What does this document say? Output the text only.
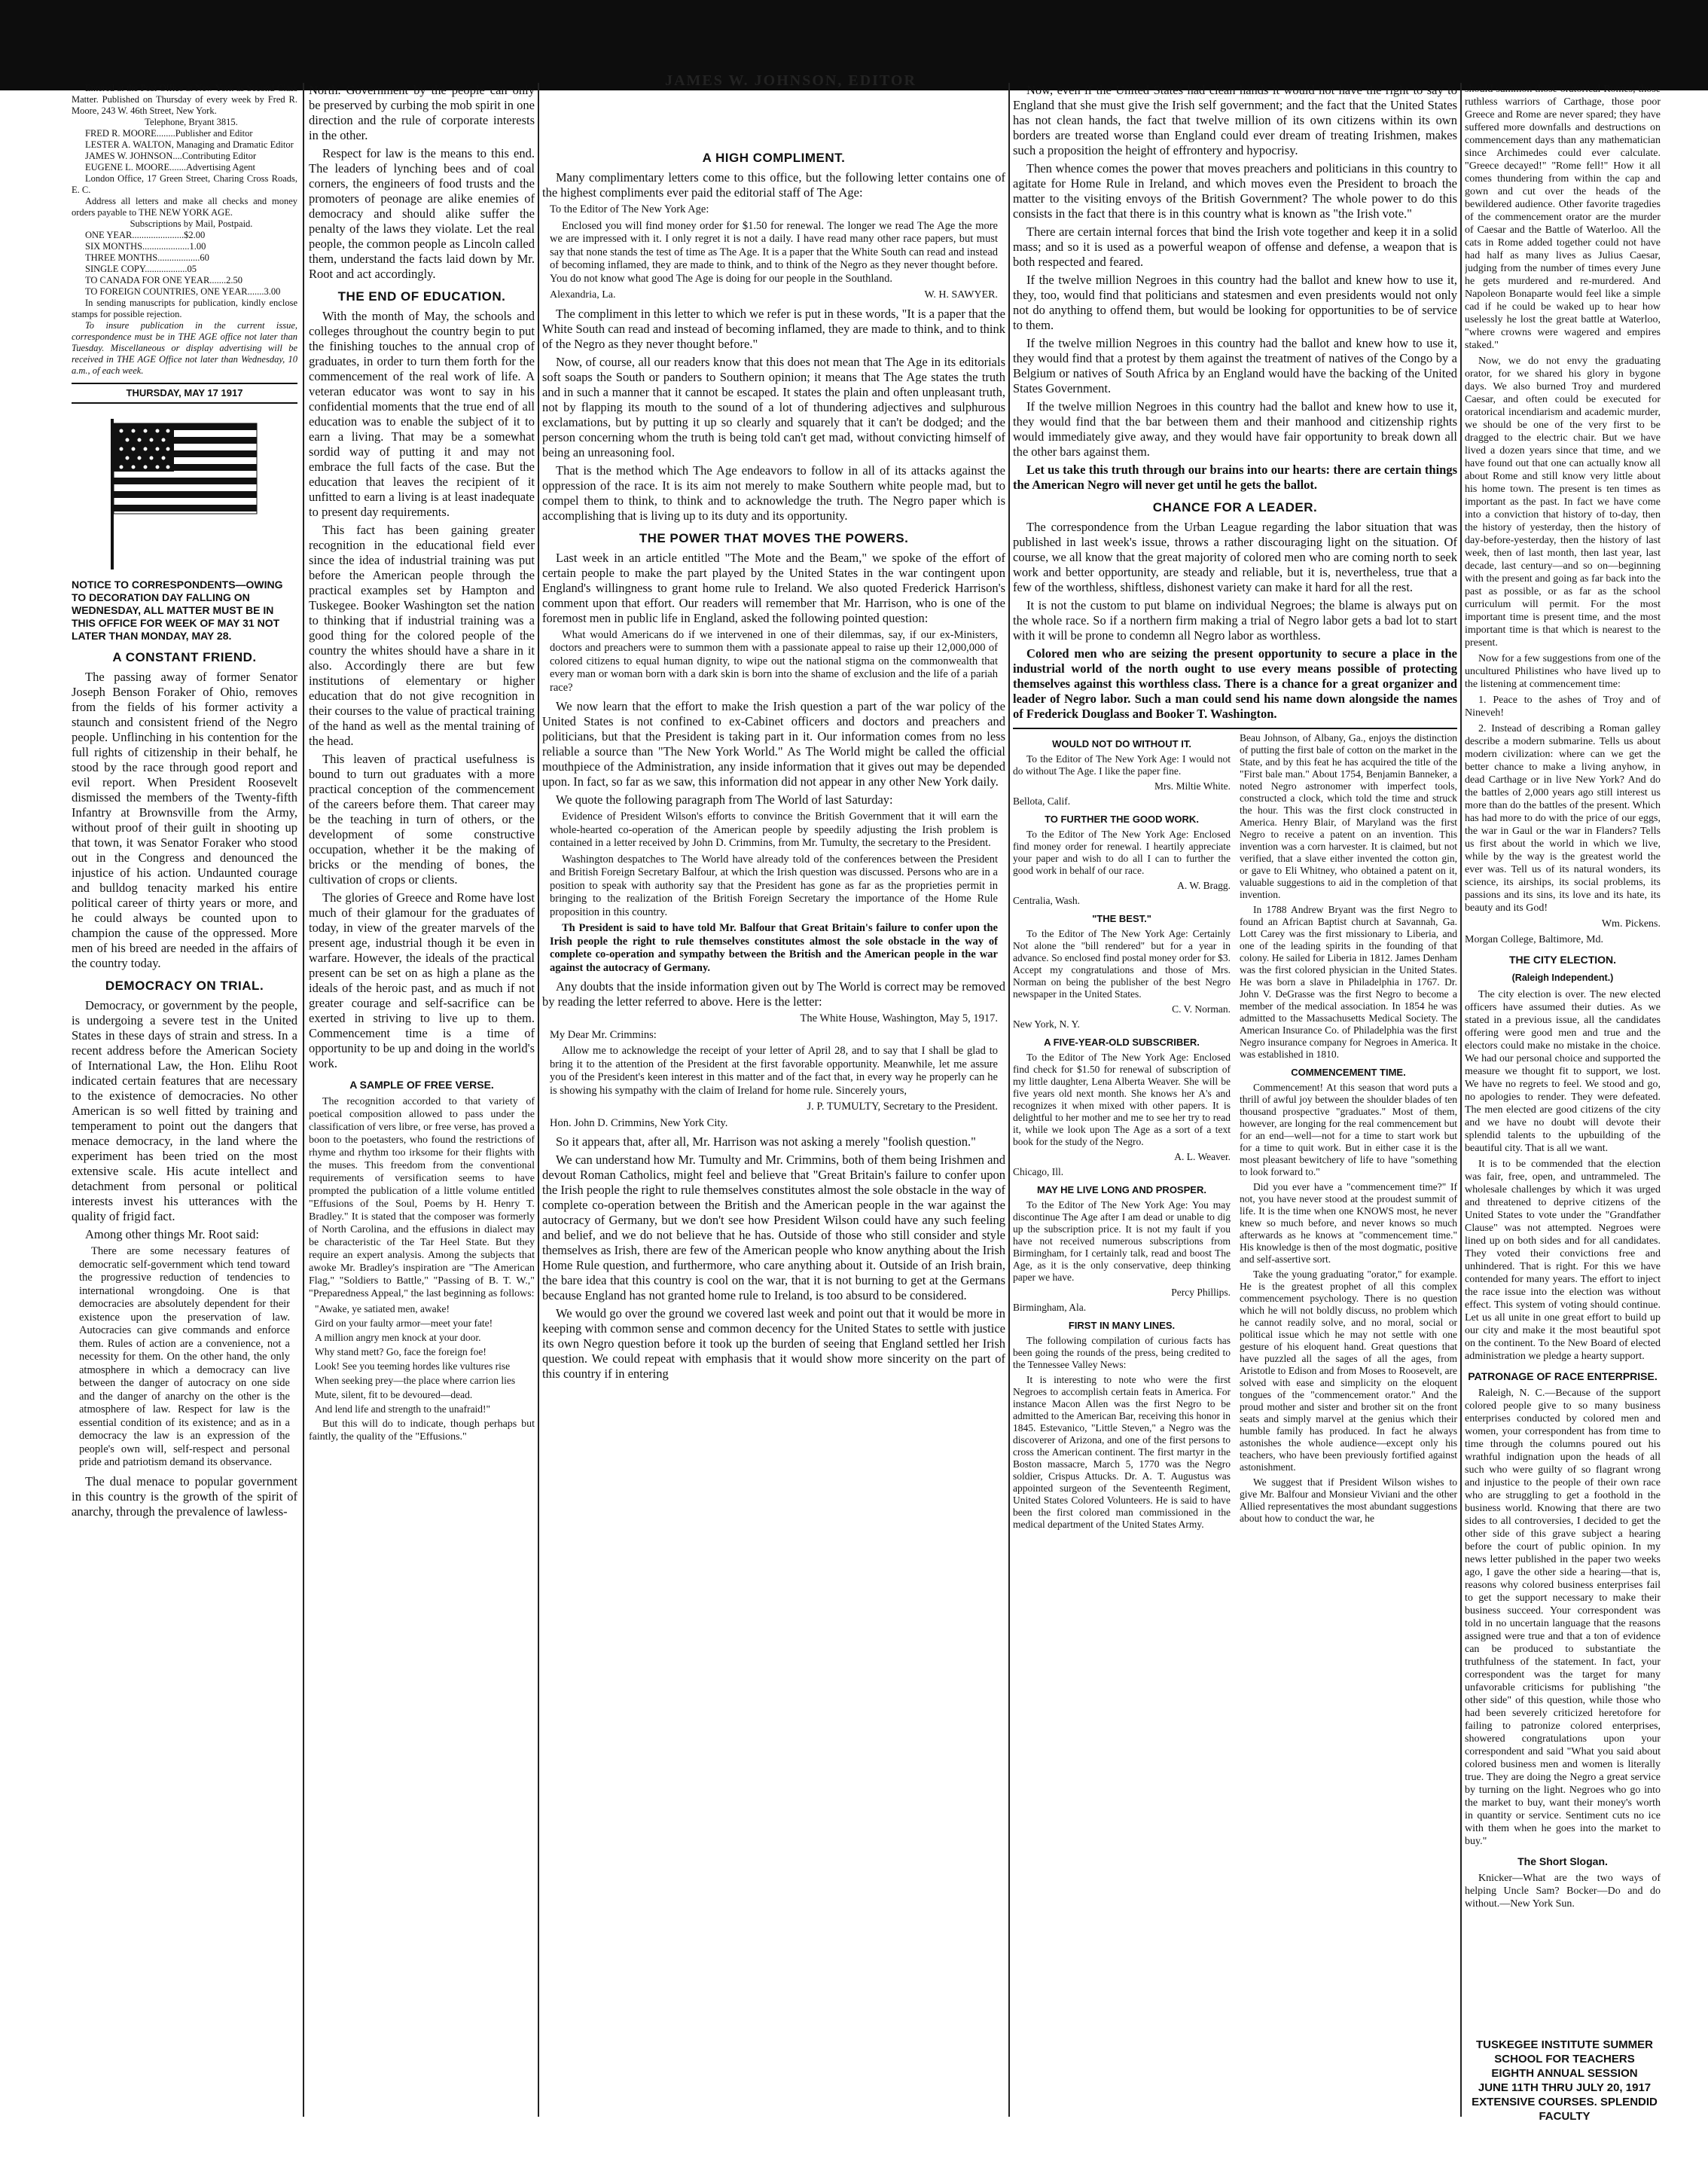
JAMES W. JOHNSON, EDITOR

Entered at the Post Office at New York as Second Class Matter. Published on Thursday of every week by Fred R. Moore, 243 W. 46th Street, New York.

Telephone, Bryant 3815.

FRED R. MOORE........Publisher and Editor

LESTER A. WALTON, Managing and Dramatic Editor

JAMES W. JOHNSON....Contributing Editor

EUGENE L. MOORE.......Advertising Agent

London Office, 17 Green Street, Charing Cross Roads, E. C.

Address all letters and make all checks and money orders payable to THE NEW YORK AGE.

Subscriptions by Mail, Postpaid.

ONE YEAR......................$2.00

SIX MONTHS....................1.00

THREE MONTHS..................60

SINGLE COPY..................05

TO CANADA FOR ONE YEAR.......2.50

TO FOREIGN COUNTRIES, ONE YEAR.......3.00

In sending manuscripts for publication, kindly enclose stamps for possible rejection.

To insure publication in the current issue, correspondence must be in THE AGE office not later than Tuesday. Miscellaneous or display advertising will be received in THE AGE Office not later than Wednesday, 10 a.m., of each week.

THURSDAY, MAY 17 1917
NOTICE TO CORRESPONDENTS—OWING TO DECORATION DAY FALLING ON WEDNESDAY, ALL MATTER MUST BE IN THIS OFFICE FOR WEEK OF MAY 31 NOT LATER THAN MONDAY, MAY 28.
A CONSTANT FRIEND.

The passing away of former Senator Joseph Benson Foraker of Ohio, removes from the fields of his former activity a staunch and consistent friend of the Negro people. Unflinching in his contention for the full rights of citizenship in their behalf, he stood by the race through good report and evil report. When President Roosevelt dismissed the members of the Twenty-fifth Infantry at Brownsville from the Army, without proof of their guilt in shooting up that town, it was Senator Foraker who stood out in the Congress and denounced the injustice of his action. Undaunted courage and bulldog tenacity marked his entire political career of thirty years or more, and he could always be counted upon to champion the cause of the oppressed. More men of his breed are needed in the affairs of the country today.

DEMOCRACY ON TRIAL.

Democracy, or government by the people, is undergoing a severe test in the United States in these days of strain and stress. In a recent address before the American Society of International Law, the Hon. Elihu Root indicated certain features that are necessary to the existence of democracies. No other American is so well fitted by training and temperament to point out the dangers that menace democracy, in the land where the experiment has been tried on the most extensive scale. His acute intellect and detachment from personal or political interests invest his utterances with the quality of frigid fact.

Among other things Mr. Root said:

There are some necessary features of democratic self-government which tend toward the progressive reduction of tendencies to international wrongdoing. One is that democracies are absolutely dependent for their existence upon the preservation of law. Autocracies can give commands and enforce them. Rules of action are a convenience, not a necessity for them. On the other hand, the only atmosphere in which a democracy can live between the danger of autocracy on one side and the danger of anarchy on the other is the atmosphere of law. Respect for law is the essential condition of its existence; and as in a democracy the law is an expression of the people's own will, self-respect and personal pride and patriotism demand its observance.

The dual menace to popular government in this country is the growth of the spirit of anarchy, through the prevalence of lawless-

North. Government by the people can only be preserved by curbing the mob spirit in one direction and the rule of corporate interests in the other.

Respect for law is the means to this end. The leaders of lynching bees and of coal corners, the engineers of food trusts and the promoters of peonage are alike enemies of democracy and should alike suffer the penalty of the laws they violate. Let the real people, the common people as Lincoln called them, understand the facts laid down by Mr. Root and act accordingly.

THE END OF EDUCATION.

With the month of May, the schools and colleges throughout the country begin to put the finishing touches to the annual crop of graduates, in order to turn them forth for the commencement of the real work of life. A veteran educator was wont to say in his confidential moments that the true end of all education was to enable the subject of it to earn a living. That may be a somewhat sordid way of putting it and may not embrace the full facts of the case. But the education that leaves the recipient of it unfitted to earn a living is at least inadequate to present day requirements.

This fact has been gaining greater recognition in the educational field ever since the idea of industrial training was put before the American people through the practical examples set by Hampton and Tuskegee. Booker Washington set the nation to thinking that if industrial training was a good thing for the colored people of the country the whites should have a share in it also. Accordingly there are but few institutions of elementary or higher education that do not give recognition in their courses to the value of practical training of the hand as well as the mental training of the head.

This leaven of practical usefulness is bound to turn out graduates with a more practical conception of the commencement of the careers before them. That career may be the teaching in turn of others, or the development of some constructive occupation, whether it be the making of bricks or the mending of bones, the cultivation of crops or clients.

The glories of Greece and Rome have lost much of their glamour for the graduates of today, in view of the greater marvels of the present age, industrial though it be even in warfare. However, the ideals of the practical present can be set on as high a plane as the ideals of the heroic past, and as much if not greater courage and self-sacrifice can be exerted in striving to live up to them. Commencement time is a time of opportunity to be up and doing in the world's work.

A SAMPLE OF FREE VERSE.

The recognition accorded to that variety of poetical composition allowed to pass under the classification of vers libre, or free verse, has proved a boon to the poetasters, who found the restrictions of rhyme and rhythm too irksome for their flights with the muses. This freedom from the conventional requirements of versification seems to have prompted the publication of a little volume entitled "Effusions of the Soul, Poems by H. Henry T. Bradley." It is stated that the composer was formerly of North Carolina, and the effusions in dialect may be characteristic of the Tar Heel State. But they require an expert analysis. Among the subjects that awoke Mr. Bradley's inspiration are "The American Flag," "Soldiers to Battle," "Passing of B. T. W.," "Preparedness Appeal," the last beginning as follows:

"Awake, ye satiated men, awake!

Gird on your faulty armor—meet your fate!

A million angry men knock at your door.

Why stand mett? Go, face the foreign foe!

Look! See you teeming hordes like vultures rise

When seeking prey—the place where carrion lies

Mute, silent, fit to be devoured—dead.

And lend life and strength to the unafraid!"

But this will do to indicate, though perhaps but faintly, the quality of the "Effusions."

A HIGH COMPLIMENT.

Many complimentary letters come to this office, but the following letter contains one of the highest compliments ever paid the editorial staff of The Age:

To the Editor of The New York Age:

Enclosed you will find money order for $1.50 for renewal. The longer we read The Age the more we are impressed with it. I only regret it is not a daily. I have read many other race papers, but must say that none stands the test of time as The Age. It is a paper that the White South can read and instead of becoming inflamed, they are made to think, and to think of the Negro as they never thought before. You do not know what good The Age is doing for our people in the Southland.

Alexandria, La.	W. H. SAWYER.

The compliment in this letter to which we refer is put in these words, "It is a paper that the White South can read and instead of becoming inflamed, they are made to think, and to think of the Negro as they never thought before."

Now, of course, all our readers know that this does not mean that The Age in its editorials soft soaps the South or panders to Southern opinion; it means that The Age states the truth and in such a manner that it cannot be escaped. It states the plain and often unpleasant truth, not by flapping its mouth to the sound of a lot of thundering adjectives and sulphurous exclamations, but by putting it up so clearly and squarely that it can't be dodged; and the person concerning whom the truth is being told can't get mad, without convicting himself of being an unreasoning fool.

That is the method which The Age endeavors to follow in all of its attacks against the oppression of the race. It is its aim not merely to make Southern white people mad, but to compel them to think, to think and to acknowledge the truth. The Negro paper which is accomplishing that is living up to its duty and its opportunity.

THE POWER THAT MOVES THE POWERS.

Last week in an article entitled "The Mote and the Beam," we spoke of the effort of certain people to make the part played by the United States in the war contingent upon England's willingness to grant home rule to Ireland. We also quoted Frederick Harrison's comment upon that effort. Our readers will remember that Mr. Harrison, who is one of the foremost men in public life in England, asked the following pointed question:

What would Americans do if we intervened in one of their dilemmas, say, if our ex-Ministers, doctors and preachers were to summon them with a passionate appeal to raise up their 12,000,000 of colored citizens to equal human dignity, to wipe out the national stigma on the commonwealth that every man or woman born with a dark skin is born into the shame of exclusion and the life of a pariah race?

We now learn that the effort to make the Irish question a part of the war policy of the United States is not confined to ex-Cabinet officers and doctors and preachers and politicians, but that the President is taking part in it. Our information comes from no less reliable a source than "The New York World." As The World might be called the official mouthpiece of the Administration, any inside information that it gives out may be depended upon. In fact, so far as we saw, this information did not appear in any other New York daily.

We quote the following paragraph from The World of last Saturday:

Evidence of President Wilson's efforts to convince the British Government that it will earn the whole-hearted co-operation of the American people by speedily adjusting the Irish problem is contained in a letter received by John D. Crimmins, from Mr. Tumulty, the secretary to the President.

Washington despatches to The World have already told of the conferences between the President and British Foreign Secretary Balfour, at which the Irish question was discussed. Persons who are in a position to speak with authority say that the President has gone as far as the proprieties permit in bringing to the realization of the British Foreign Secretary the importance of the Home Rule proposition in this country.

Th President is said to have told Mr. Balfour that Great Britain's failure to confer upon the Irish people the right to rule themselves constitutes almost the sole obstacle in the way of complete co-operation and sympathy between the British and the American people in the war against the autocracy of Germany.

Any doubts that the inside information given out by The World is correct may be removed by reading the letter referred to above. Here is the letter:

The White House, Washington, May 5, 1917.

My Dear Mr. Crimmins:

Allow me to acknowledge the receipt of your letter of April 28, and to say that I shall be glad to bring it to the attention of the President at the first favorable opportunity. Meanwhile, let me assure you of the President's keen interest in this matter and of the fact that, in every way he properly can he is showing his sympathy with the claim of Ireland for home rule. Sincerely yours,

J. P. TUMULTY, Secretary to the President.

Hon. John D. Crimmins, New York City.

So it appears that, after all, Mr. Harrison was not asking a merely "foolish question."

We can understand how Mr. Tumulty and Mr. Crimmins, both of them being Irishmen and devout Roman Catholics, might feel and believe that "Great Britain's failure to confer upon the Irish people the right to rule themselves constitutes almost the sole obstacle in the way of complete co-operation between the British and the American people in the war against the autocracy of Germany, but we don't see how President Wilson could have any such feeling and belief, and we do not believe that he has. Outside of those who still consider and style themselves as Irish, there are few of the American people who know anything about the Irish Home Rule question, and furthermore, who care anything about it. Outside of an Irish brain, the bare idea that this country is cool on the war, that it is not burning to get at the Germans because England has not granted home rule to Ireland, is too absurd to be considered.

We would go over the ground we covered last week and point out that it would be more in keeping with common sense and common decency for the United States to settle with justice its own Negro question before it took up the burden of seeing that England settled her Irish question. We could repeat with emphasis that it would show more sincerity on the part of this country if in entering

Now, even if the United States had clean hands it would not have the right to say to England that she must give the Irish self government; and the fact that the United States has not clean hands, the fact that twelve million of its own citizens within its own borders are treated worse than England could ever dream of treating Irishmen, makes such a proposition the height of effrontery and hypocrisy.

Then whence comes the power that moves preachers and politicians in this country to agitate for Home Rule in Ireland, and which moves even the President to broach the matter to the visiting envoys of the British Government? The whole power to do this consists in the fact that there is in this country what is known as "the Irish vote."

There are certain internal forces that bind the Irish vote together and keep it in a solid mass; and so it is used as a powerful weapon of offense and defense, a weapon that is both respected and feared.

If the twelve million Negroes in this country had the ballot and knew how to use it, they, too, would find that politicians and statesmen and even presidents would not only not do anything to offend them, but would be looking for opportunities to be of service to them.

If the twelve million Negroes in this country had the ballot and knew how to use it, they would find that a protest by them against the treatment of natives of the Congo by a Belgium or natives of South Africa by an England would have the backing of the United States Government.

If the twelve million Negroes in this country had the ballot and knew how to use it, they would find that the bar between them and their manhood and citizenship rights would immediately give away, and they would have fair opportunity to break down all the other bars against them.

Let us take this truth through our brains into our hearts: there are certain things the American Negro will never get until he gets the ballot.

CHANCE FOR A LEADER.

The correspondence from the Urban League regarding the labor situation that was published in last week's issue, throws a rather discouraging light on the situation. Of course, we all know that the great majority of colored men who are coming north to seek work and better opportunity, are steady and reliable, but it is, nevertheless, true that a few of the worthless, shiftless, dishonest variety can make it hard for all the rest.

It is not the custom to put blame on individual Negroes; the blame is always put on the whole race. So if a northern firm making a trial of Negro labor gets a bad lot to start with it will be prone to condemn all Negro labor as worthless.

Colored men who are seizing the present opportunity to secure a place in the industrial world of the north ought to use every means possible of protecting themselves against this worthless class. There is a chance for a great organizer and leader of Negro labor. Such a man could send his name down alongside the names of Frederick Douglass and Booker T. Washington.

WOULD NOT DO WITHOUT IT.

To the Editor of The New York Age: I would not do without The Age. I like the paper fine.

Mrs. Miltie White.

Bellota, Calif.

TO FURTHER THE GOOD WORK.

To the Editor of The New York Age: Enclosed find money order for renewal. I heartily appreciate your paper and wish to do all I can to further the good work in behalf of our race.

A. W. Bragg.

Centralia, Wash.

"THE BEST."

To the Editor of The New York Age: Certainly Not alone the "bill rendered" but for a year in advance. So enclosed find postal money order for $3. Accept my congratulations and those of Mrs. Norman on being the publisher of the best Negro newspaper in the United States.

C. V. Norman.

New York, N. Y.

A FIVE-YEAR-OLD SUBSCRIBER.

To the Editor of The New York Age: Enclosed find check for $1.50 for renewal of subscription of my little daughter, Lena Alberta Weaver. She will be five years old next month. She knows her A's and recognizes it when mixed with other papers. It is delightful to her mother and me to see her try to read it, while we look upon The Age as a sort of a text book for the study of the Negro.

A. L. Weaver.

Chicago, Ill.

MAY HE LIVE LONG AND PROSPER.

To the Editor of The New York Age: You may discontinue The Age after I am dead or unable to dig up the subscription price. It is not my fault if you have not received numerous subscriptions from Birmingham, for I certainly talk, read and boost The Age, as it is the only conservative, deep thinking paper we have.

Percy Phillips.

Birmingham, Ala.

FIRST IN MANY LINES.

The following compilation of curious facts has been going the rounds of the press, being credited to the Tennessee Valley News:

It is interesting to note who were the first Negroes to accomplish certain feats in America. For instance Macon Allen was the first Negro to be admitted to the American Bar, receiving this honor in 1845. Estevanico, "Little Steven," a Negro was the discoverer of Arizona, and one of the first persons to cross the American continent. The first martyr in the Boston massacre, March 5, 1770 was the Negro soldier, Crispus Attucks. Dr. A. T. Augustus was appointed surgeon of the Seventeenth Regiment, United States Colored Volunteers. He is said to have been the first colored man commissioned in the medical department of the United States Army.

Beau Johnson, of Albany, Ga., enjoys the distinction of putting the first bale of cotton on the market in the State, and by this feat he has acquired the title of the "First bale man." About 1754, Benjamin Banneker, a noted Negro astronomer with imperfect tools, constructed a clock, which told the time and struck the hour. This was the first clock constructed in America. Henry Blair, of Maryland was the first Negro to receive a patent on an invention. This invention was a corn harvester. It is claimed, but not verified, that a slave either invented the cotton gin, or gave to Eli Whitney, who obtained a patent on it, valuable suggestions to aid in the completion of that invention.

In 1788 Andrew Bryant was the first Negro to found an African Baptist church at Savannah, Ga. Lott Carey was the first missionary to Liberia, and one of the leading spirits in the founding of that colony. He sailed for Liberia in 1812. James Denham was the first colored physician in the United States. He was born a slave in Philadelphia in 1767. Dr. John V. DeGrasse was the first Negro to become a member of the medical association. In 1854 he was admitted to the Massachusetts Medical Society. The American Insurance Co. of Philadelphia was the first Negro insurance company for Negroes in America. It was established in 1810.

COMMENCEMENT TIME.

Commencement! At this season that word puts a thrill of awful joy between the shoulder blades of ten thousand prospective "graduates." Most of them, however, are longing for the real commencement but for an end—well—not for a time to start work but for a time to quit work. But in either case it is the most pleasant bewitchery of life to have "something to look forward to."

Did you ever have a "commencement time?" If not, you have never stood at the proudest summit of life. It is the time when one KNOWS most, he never knew so much before, and never knows so much afterwards as he knows at "commencement time." His knowledge is then of the most dogmatic, positive and self-assertive sort.

Take the young graduating "orator," for example. He is the greatest prophet of all this complex commencement psychology. There is no question which he will not boldly discuss, no problem which he cannot readily solve, and no moral, social or political issue which he may not settle with one gesture of his eloquent hand. Great questions that have puzzled all the sages of all the ages, from Aristotle to Edison and from Moses to Roosevelt, are solved with ease and simplicity on the eloquent tongues of the "commencement orator." And the proud mother and sister and brother sit on the front seats and simply marvel at the genius which their humble family has produced. In fact he always astonishes the whole audience—except only his teachers, who have been previously fortified against astonishment.

We suggest that if President Wilson wishes to give Mr. Balfour and Monsieur Viviani and the other Allied representatives the most abundant suggestions about how to conduct the war, he

should summon those oratorical Romes, those ruthless warriors of Carthage, those poor Greece and Rome are never spared; they have suffered more downfalls and destructions on commencement days than any mathematician since Archimedes could ever calculate. "Greece decayed!" "Rome fell!" How it all comes thundering from within the cap and gown and cut over the heads of the bewildered audience. Other favorite tragedies of the commencement orator are the murder of Caesar and the Battle of Waterloo. All the cats in Rome added together could not have had half as many lives as Julius Caesar, judging from the number of times every June he gets murdered and re-murdered. And Napoleon Bonaparte would feel like a simple cad if he could be waked up to hear how uselessly he lost the great battle at Waterloo, "where crowns were wagered and empires staked."

Now, we do not envy the graduating orator, for we shared his glory in bygone days. We also burned Troy and murdered Caesar, and often could be executed for oratorical incendiarism and academic murder, we should be one of the very first to be dragged to the electric chair. But we have lived a dozen years since that time, and we have found out that one can actually know all about Rome and still know very little about his home town. The present is ten times as important as the past. In fact we have come into a conviction that history of to-day, then the history of yesterday, then the history of day-before-yesterday, then the history of last week, then of last month, then last year, last decade, last century—and so on—beginning with the present and going as far back into the past as possible, or as far as the school curriculum will permit. For the most important time is present time, and the most important time is that which is nearest to the present.

Now for a few suggestions from one of the uncultured Philistines who have lived up to the listening at commencement time:

1. Peace to the ashes of Troy and of Nineveh!

2. Instead of describing a Roman galley describe a modern submarine. Tells us about modern civilization: where can we get the better chance to make a living anyhow, in dead Carthage or in live New York? And do the battles of 2,000 years ago still interest us more than do the battles of the present. Which has had more to do with the price of our eggs, the war in Gaul or the war in Flanders? Tells us first about the world in which we live, while by the way is the greatest world the ever was. Tell us of its natural wonders, its science, its airships, its social problems, its passions and its sins, its love and its hate, its beauty and its God!

Wm. Pickens.

Morgan College, Baltimore, Md.

THE CITY ELECTION.
(Raleigh Independent.)

The city election is over. The new elected officers have assumed their duties. As we stated in a previous issue, all the candidates offering were good men and true and the electors could make no mistake in the choice. We had our personal choice and supported the measure we thought fit to support, we lost. We have no regrets to feel. We stood and go, no apologies to render. They were defeated. The men elected are good citizens of the city and we have no doubt will devote their splendid talents to the upbuilding of the beautiful city. That is all we want.

It is to be commended that the election was fair, free, open, and untrammeled. The wholesale challenges by which it was urged and threatened to deprive citizens of the United States to vote under the "Grandfather Clause" was not attempted. Negroes were lined up on both sides and for all candidates. They voted their convictions free and unhindered. That is right. For this we have contended for many years. The effort to inject the race issue into the election was without effect. This system of voting should continue. Let us all unite in one great effort to build up our city and make it the most beautiful spot on the continent. To the New Board of elected administration we pledge a hearty support.

PATRONAGE OF RACE ENTERPRISE.

Raleigh, N. C.—Because of the support colored people give to so many business enterprises conducted by colored men and women, your correspondent has from time to time through the columns poured out his wrathful indignation upon the heads of all such who were guilty of so flagrant wrong and injustice to the people of their own race who are struggling to get a foothold in the business world. Knowing that there are two sides to all controversies, I decided to get the other side of this grave subject a hearing before the court of public opinion. In my news letter published in the paper two weeks ago, I gave the other side a hearing—that is, reasons why colored business enterprises fail to get the support necessary to make their business succeed. Your correspondent was told in no uncertain language that the reasons assigned were true and that a ton of evidence can be produced to substantiate the truthfulness of the statement. In fact, your correspondent was the target for many unfavorable criticisms for publishing "the other side" of this question, while those who had been severely criticized heretofore for failing to patronize colored enterprises, showered congratulations upon your correspondent and said "What you said about colored business men and women is literally true. They are doing the Negro a great service by turning on the light. Negroes who go into the market to buy, want their money's worth in quantity or service. Sentiment cuts no ice with them when he goes into the market to buy."

The Short Slogan.

Knicker—What are the two ways of helping Uncle Sam? Bocker—Do and do without.—New York Sun.

TUSKEGEE INSTITUTE SUMMER SCHOOL FOR TEACHERS
EIGHTH ANNUAL SESSION
JUNE 11TH THRU JULY 20, 1917
EXTENSIVE COURSES. SPLENDID FACULTY
